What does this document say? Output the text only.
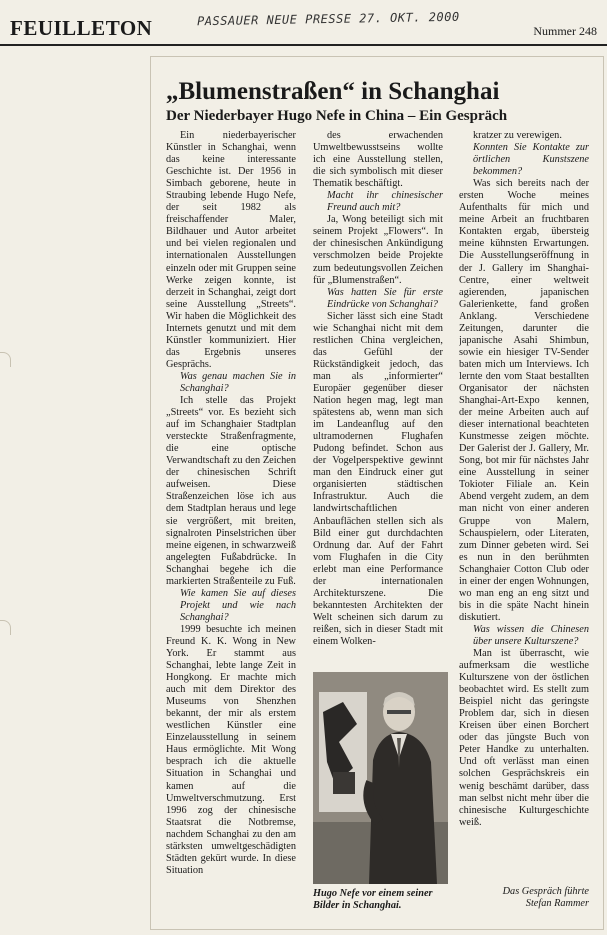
FEUILLETON	PASSAUER NEUE PRESSE 27. OKT. 2000
Nummer 248
„Blumenstraßen“ in Schanghai
Der Niederbayer Hugo Nefe in China – Ein Gespräch

Ein niederbayerischer Künstler in Schanghai, wenn das keine interessante Geschichte ist. Der 1956 in Simbach geborene, heute in Straubing lebende Hugo Nefe, der seit 1982 als freischaffender Maler, Bildhauer und Autor arbeitet und bei vielen regionalen und internationalen Ausstellungen einzeln oder mit Gruppen seine Werke zeigen konnte, ist derzeit in Schanghai, zeigt dort seine Ausstellung „Streets“. Wir haben die Möglichkeit des Internets genutzt und mit dem Künstler kommuniziert. Hier das Ergebnis unseres Gesprächs.

Was genau machen Sie in Schanghai?

Ich stelle das Projekt „Streets“ vor. Es bezieht sich auf im Schanghaier Stadtplan versteckte Straßenfragmente, die eine optische Verwandtschaft zu den Zeichen der chinesischen Schrift aufweisen. Diese Straßenzeichen löse ich aus dem Stadtplan heraus und lege sie vergrößert, mit breiten, signalroten Pinselstrichen über meine eigenen, in schwarzweiß angelegten Fußabdrücke. In Schanghai begehe ich die markierten Straßenteile zu Fuß.

Wie kamen Sie auf dieses Projekt und wie nach Schanghai?

1999 besuchte ich meinen Freund K. K. Wong in New York. Er stammt aus Schanghai, lebte lange Zeit in Hongkong. Er machte mich auch mit dem Direktor des Museums von Shenzhen bekannt, der mir als erstem westlichen Künstler eine Einzelausstellung in seinem Haus ermöglichte. Mit Wong besprach ich die aktuelle Situation in Schanghai und kamen auf die Umweltverschmutzung. Erst 1996 zog der chinesische Staatsrat die Notbremse, nachdem Schanghai zu den am stärksten umweltgeschädigten Städten gekürt wurde. In diese Situation

des erwachenden Umweltbewusstseins wollte ich eine Ausstellung stellen, die sich symbolisch mit dieser Thematik beschäftigt.

Macht ihr chinesischer Freund auch mit?

Ja, Wong beteiligt sich mit seinem Projekt „Flowers“. In der chinesischen Ankündigung verschmolzen beide Projekte zum bedeutungsvollen Zeichen für „Blumenstraßen“.

Was hatten Sie für erste Eindrücke von Schanghai?

Sicher lässt sich eine Stadt wie Schanghai nicht mit dem restlichen China vergleichen, das Gefühl der Rückständigkeit jedoch, das man als „informierter“ Europäer gegenüber dieser Nation hegen mag, legt man spätestens ab, wenn man sich im Landeanflug auf den ultramodernen Flughafen Pudong befindet. Schon aus der Vogelperspektive gewinnt man den Eindruck einer gut organisierten städtischen Infrastruktur. Auch die landwirtschaftlichen Anbauflächen stellen sich als Bild einer gut durchdachten Ordnung dar. Auf der Fahrt vom Flughafen in die City erlebt man eine Performance der internationalen Architekturszene. Die bekanntesten Architekten der Welt scheinen sich darum zu reißen, sich in dieser Stadt mit einem Wolken-

kratzer zu verewigen.

Konnten Sie Kontakte zur örtlichen Kunstszene bekommen?

Was sich bereits nach der ersten Woche meines Aufenthalts für mich und meine Arbeit an fruchtbaren Kontakten ergab, übersteig meine kühnsten Erwartungen. Die Ausstellungseröffnung in der J. Gallery im Shanghai-Centre, einer weltweit agierenden, japanischen Galerienkette, fand großen Anklang. Verschiedene Zeitungen, darunter die japanische Asahi Shimbun, sowie ein hiesiger TV-Sender baten mich um Interviews. Ich lernte den vom Staat bestallten Organisator der nächsten Shanghai-Art-Expo kennen, der meine Arbeiten auch auf dieser international beachteten Kunstmesse zeigen möchte. Der Galerist der J. Gallery, Mr. Song, bot mir für nächstes Jahr eine Ausstellung in seiner Tokioter Filiale an. Kein Abend vergeht zudem, an dem man nicht von einer anderen Gruppe von Malern, Schauspielern, oder Literaten, zum Dinner gebeten wird. Sei es nun in den berühmten Schanghaier Cotton Club oder in einer der engen Wohnungen, wo man eng an eng sitzt und bis in die späte Nacht hinein diskutiert.

Was wissen die Chinesen über unsere Kulturszene?

Man ist überrascht, wie aufmerksam die westliche Kulturszene von der östlichen beobachtet wird. Es stellt zum Beispiel nicht das geringste Problem dar, sich in diesen Kreisen über einen Borchert oder das jüngste Buch von Peter Handke zu unterhalten. Und oft verlässt man einen solchen Gesprächskreis ein wenig beschämt darüber, dass man selbst nicht mehr über die chinesische Kulturgeschichte weiß.

Hugo Nefe vor einem seiner Bilder in Schanghai.
Das Gespräch führte
Stefan Rammer
